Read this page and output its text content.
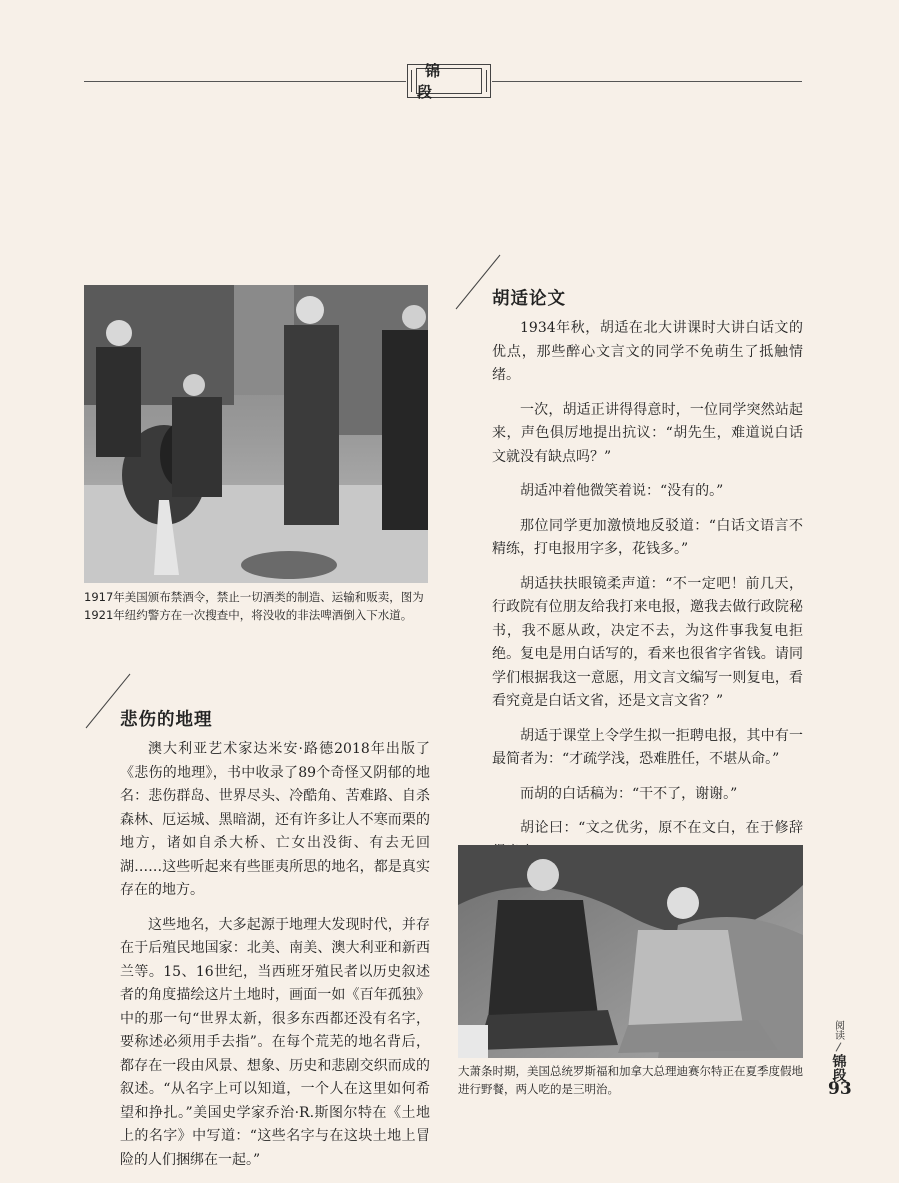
锦 段

1917年美国颁布禁酒令，禁止一切酒类的制造、运输和贩卖，图为1921年纽约警方在一次搜查中，将没收的非法啤酒倒入下水道。

胡适论文

1934年秋，胡适在北大讲课时大讲白话文的优点，那些醉心文言文的同学不免萌生了抵触情绪。

一次，胡适正讲得得意时，一位同学突然站起来，声色俱厉地提出抗议：“胡先生，难道说白话文就没有缺点吗？”

胡适冲着他微笑着说：“没有的。”

那位同学更加激愤地反驳道：“白话文语言不精练，打电报用字多，花钱多。”

胡适扶扶眼镜柔声道：“不一定吧！前几天，行政院有位朋友给我打来电报，邀我去做行政院秘书，我不愿从政，决定不去，为这件事我复电拒绝。复电是用白话写的，看来也很省字省钱。请同学们根据我这一意愿，用文言文编写一则复电，看看究竟是白话文省，还是文言文省？”

胡适于课堂上令学生拟一拒聘电报，其中有一最简者为：“才疏学浅，恐难胜任，不堪从命。”

而胡的白话稿为：“干不了，谢谢。”

胡论曰：“文之优劣，原不在文白，在于修辞

悲伤的地理

澳大利亚艺术家达米安·路德2018年出版了《悲伤的地理》，书中收录了89个奇怪又阴郁的地名：悲伤群岛、世界尽头、冷酷角、苦难路、自杀森林、厄运城、黑暗湖，还有许多让人不寒而栗的地方，诸如自杀大桥、亡女出没街、有去无回湖……这些听起来有些匪夷所思的地名，都是真实存在的地方。

这些地名，大多起源于地理大发现时代，并存在于后殖民地国家：北美、南美、澳大利亚和新西兰等。15、16世纪，当西班牙殖民者以历史叙述者的角度描绘这片土地时，画面一如《百年孤独》中的那一句“世界太新，很多东西都还没有名字，要称述必须用手去指”。在每个荒芜的地名背后，都存在一段由风景、想象、历史和悲剧交织而成的叙述。“从名字上可以知道，一个人在这里如何希望和挣扎。”美国史学家乔治·R.斯图尔特在《土地上的名字》中写道：“这些名字与在这块土地上冒险的人们捆绑在一起。”

大萧条时期，美国总统罗斯福和加拿大总理迪赛尔特正在夏季度假地进行野餐，两人吃的是三明治。

阅读
锦段

93
